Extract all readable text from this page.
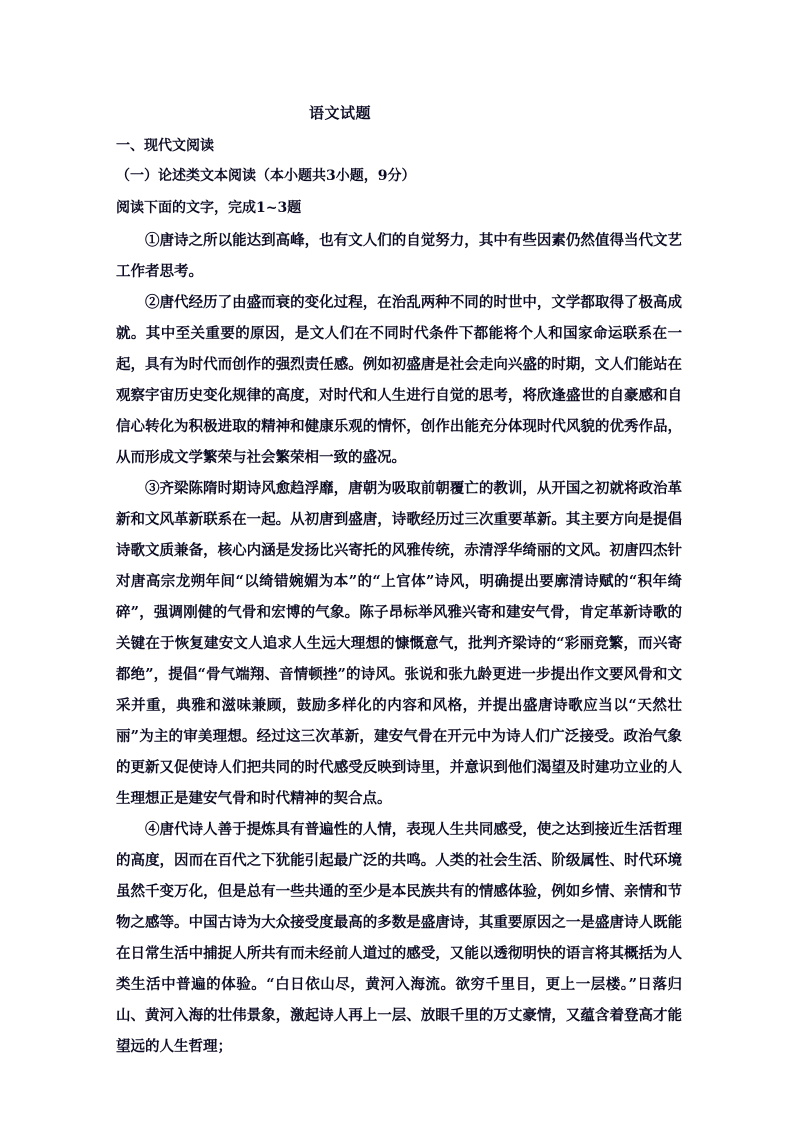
语文试题
一、现代文阅读
（一）论述类文本阅读（本小题共3小题，9分）
阅读下面的文字，完成1~3题

①唐诗之所以能达到高峰，也有文人们的自觉努力，其中有些因素仍然值得当代文艺工作者思考。

②唐代经历了由盛而衰的变化过程，在治乱两种不同的时世中，文学都取得了极高成就。其中至关重要的原因，是文人们在不同时代条件下都能将个人和国家命运联系在一起，具有为时代而创作的强烈责任感。例如初盛唐是社会走向兴盛的时期，文人们能站在观察宇宙历史变化规律的高度，对时代和人生进行自觉的思考，将欣逢盛世的自豪感和自信心转化为积极进取的精神和健康乐观的情怀，创作出能充分体现时代风貌的优秀作品，从而形成文学繁荣与社会繁荣相一致的盛况。

③齐梁陈隋时期诗风愈趋浮靡，唐朝为吸取前朝覆亡的教训，从开国之初就将政治革新和文风革新联系在一起。从初唐到盛唐，诗歌经历过三次重要革新。其主要方向是提倡诗歌文质兼备，核心内涵是发扬比兴寄托的风雅传统，赤清浮华绮丽的文风。初唐四杰针对唐高宗龙朔年间“以绮错婉媚为本”的“上官体”诗风，明确提出要廓清诗赋的“积年绮碎”，强调刚健的气骨和宏博的气象。陈子昂标举风雅兴寄和建安气骨，肯定革新诗歌的关键在于恢复建安文人追求人生远大理想的慷慨意气，批判齐梁诗的“彩丽竞繁，而兴寄都绝”，提倡“骨气端翔、音情顿挫”的诗风。张说和张九龄更进一步提出作文要风骨和文采并重，典雅和滋味兼顾，鼓励多样化的内容和风格，并提出盛唐诗歌应当以“天然壮丽”为主的审美理想。经过这三次革新，建安气骨在开元中为诗人们广泛接受。政治气象的更新又促使诗人们把共同的时代感受反映到诗里，并意识到他们渴望及时建功立业的人生理想正是建安气骨和时代精神的契合点。

④唐代诗人善于提炼具有普遍性的人情，表现人生共同感受，使之达到接近生活哲理的高度，因而在百代之下犹能引起最广泛的共鸣。人类的社会生活、阶级属性、时代环境虽然千变万化，但是总有一些共通的至少是本民族共有的情感体验，例如乡情、亲情和节物之感等。中国古诗为大众接受度最高的多数是盛唐诗，其重要原因之一是盛唐诗人既能在日常生活中捕捉人所共有而未经前人道过的感受，又能以透彻明快的语言将其概括为人类生活中普遍的体验。“白日依山尽，黄河入海流。欲穷千里目，更上一层楼。”日落归山、黄河入海的壮伟景象，激起诗人再上一层、放眼千里的万丈豪情，又蕴含着登高才能望远的人生哲理；
